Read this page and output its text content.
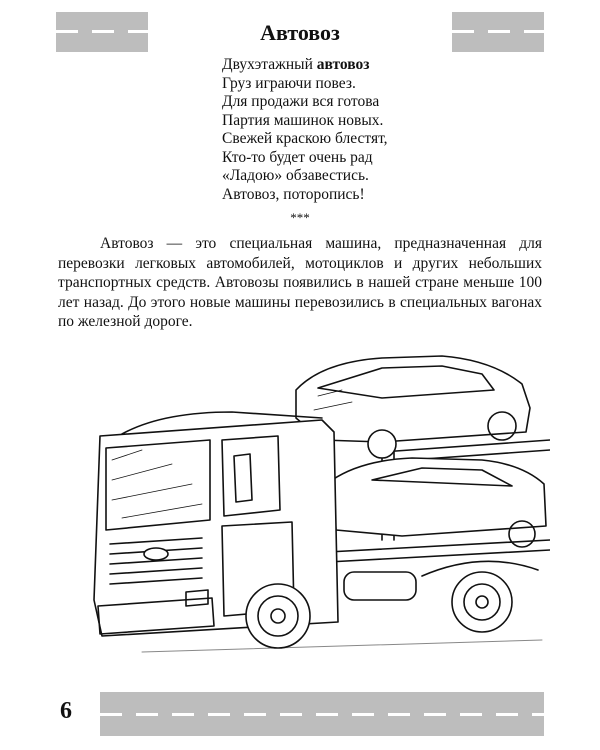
Автовоз
Двухэтажный автовоз
Груз играючи повез.
Для продажи вся готова
Партия машинок новых.
Свежей краскою блестят,
Кто-то будет очень рад
«Ладою» обзавестись.
Автовоз, поторопись!
***

Автовоз — это специальная машина, предназначенная для перевозки легковых автомобилей, мотоциклов и других небольших транспортных средств. Автовозы появились в нашей стране меньше 100 лет назад. До этого новые машины перевозились в специальных вагонах по железной дороге.

6
